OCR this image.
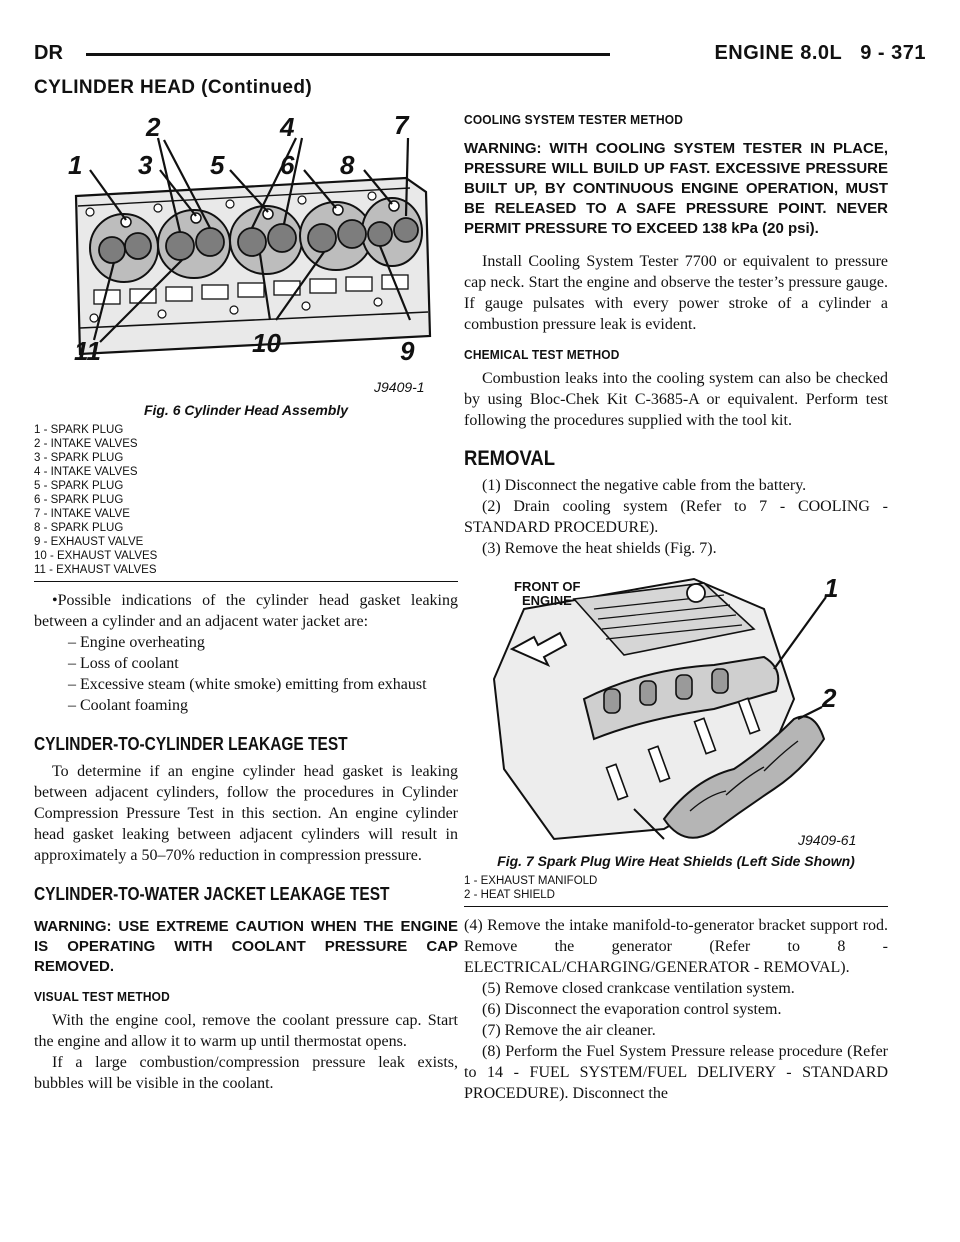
DR	ENGINE 8.0L 9 - 371
CYLINDER HEAD (Continued)
1
2
3
4
5 6
7
8
9
10
11
J9409-1
Fig. 6 Cylinder Head Assembly
1 - SPARK PLUG
2 - INTAKE VALVES
3 - SPARK PLUG
4 - INTAKE VALVES
5 - SPARK PLUG
6 - SPARK PLUG
7 - INTAKE VALVE
8 - SPARK PLUG
9 - EXHAUST VALVE
10 - EXHAUST VALVES
11 - EXHAUST VALVES
•Possible indications of the cylinder head gasket leaking between a cylinder and an adjacent water jacket are:
– Engine overheating
– Loss of coolant
– Excessive steam (white smoke) emitting from exhaust
– Coolant foaming
CYLINDER-TO-CYLINDER LEAKAGE TEST

To determine if an engine cylinder head gasket is leaking between adjacent cylinders, follow the procedures in Cylinder Compression Pressure Test in this section. An engine cylinder head gasket leaking between adjacent cylinders will result in approximately a 50–70% reduction in compression pressure.

CYLINDER-TO-WATER JACKET LEAKAGE TEST
WARNING: USE EXTREME CAUTION WHEN THE ENGINE IS OPERATING WITH COOLANT PRESSURE CAP REMOVED.
VISUAL TEST METHOD

With the engine cool, remove the coolant pressure cap. Start the engine and allow it to warm up until thermostat opens.

If a large combustion/compression pressure leak exists, bubbles will be visible in the coolant.

COOLING SYSTEM TESTER METHOD
WARNING: WITH COOLING SYSTEM TESTER IN PLACE, PRESSURE WILL BUILD UP FAST. EXCESSIVE PRESSURE BUILT UP, BY CONTINUOUS ENGINE OPERATION, MUST BE RELEASED TO A SAFE PRESSURE POINT. NEVER PERMIT PRESSURE TO EXCEED 138 kPa (20 psi).

Install Cooling System Tester 7700 or equivalent to pressure cap neck. Start the engine and observe the tester’s pressure gauge. If gauge pulsates with every power stroke of a cylinder a combustion pressure leak is evident.

CHEMICAL TEST METHOD

Combustion leaks into the cooling system can also be checked by using Bloc-Chek Kit C-3685-A or equivalent. Perform test following the procedures supplied with the tool kit.

REMOVAL

(1) Disconnect the negative cable from the battery.

(2) Drain cooling system (Refer to 7 - COOLING - STANDARD PROCEDURE).

(3) Remove the heat shields (Fig. 7).

FRONT OF
ENGINE	1
2
J9409-61
Fig. 7 Spark Plug Wire Heat Shields (Left Side Shown)
1 - EXHAUST MANIFOLD
2 - HEAT SHIELD

(4) Remove the intake manifold-to-generator bracket support rod. Remove the generator (Refer to 8 - ELECTRICAL/CHARGING/GENERATOR - REMOVAL).

(5) Remove closed crankcase ventilation system.

(6) Disconnect the evaporation control system.

(7) Remove the air cleaner.

(8) Perform the Fuel System Pressure release procedure (Refer to 14 - FUEL SYSTEM/FUEL DELIVERY - STANDARD PROCEDURE). Disconnect the
